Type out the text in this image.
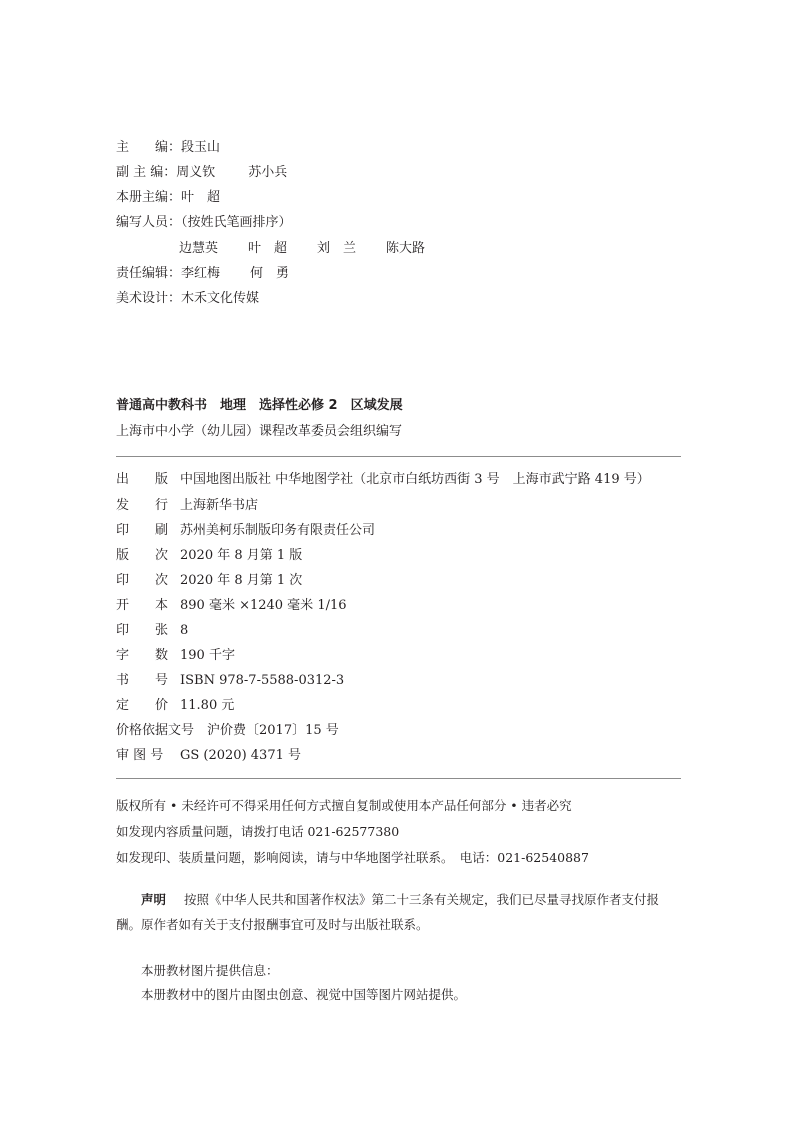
主　　编：段玉山
副 主 编：周义钦	苏小兵
本册主编：叶　超
编写人员：（按姓氏笔画排序）
边慧英 叶　超 刘　兰 陈大路
责任编辑：李红梅 何　勇
美术设计：木禾文化传媒
普通高中教科书　地理　选择性必修 2　区域发展
上海市中小学（幼儿园）课程改革委员会组织编写
出　　版 中国地图出版社 中华地图学社（北京市白纸坊西街 3 号　上海市武宁路 419 号）
发　　行 上海新华书店
印　　刷 苏州美柯乐制版印务有限责任公司
版　　次 2020 年 8 月第 1 版
印　　次 2020 年 8 月第 1 次
开　　本 890 毫米 ×1240 毫米 1/16
印　　张 8
字　　数 190 千字
书　　号 ISBN 978-7-5588-0312-3
定　　价 11.80 元
价格依据文号 沪价费〔2017〕15 号
审 图 号 GS (2020) 4371 号
版权所有 • 未经许可不得采用任何方式擅自复制或使用本产品任何部分 • 违者必究
如发现内容质量问题，请拨打电话 021-62577380
如发现印、装质量问题，影响阅读，请与中华地图学社联系。　电话：021-62540887
声明 按照《中华人民共和国著作权法》第二十三条有关规定，我们已尽量寻找原作者支付报酬。原作者如有关于支付报酬事宜可及时与出版社联系。
本册教材图片提供信息：
本册教材中的图片由图虫创意、视觉中国等图片网站提供。
